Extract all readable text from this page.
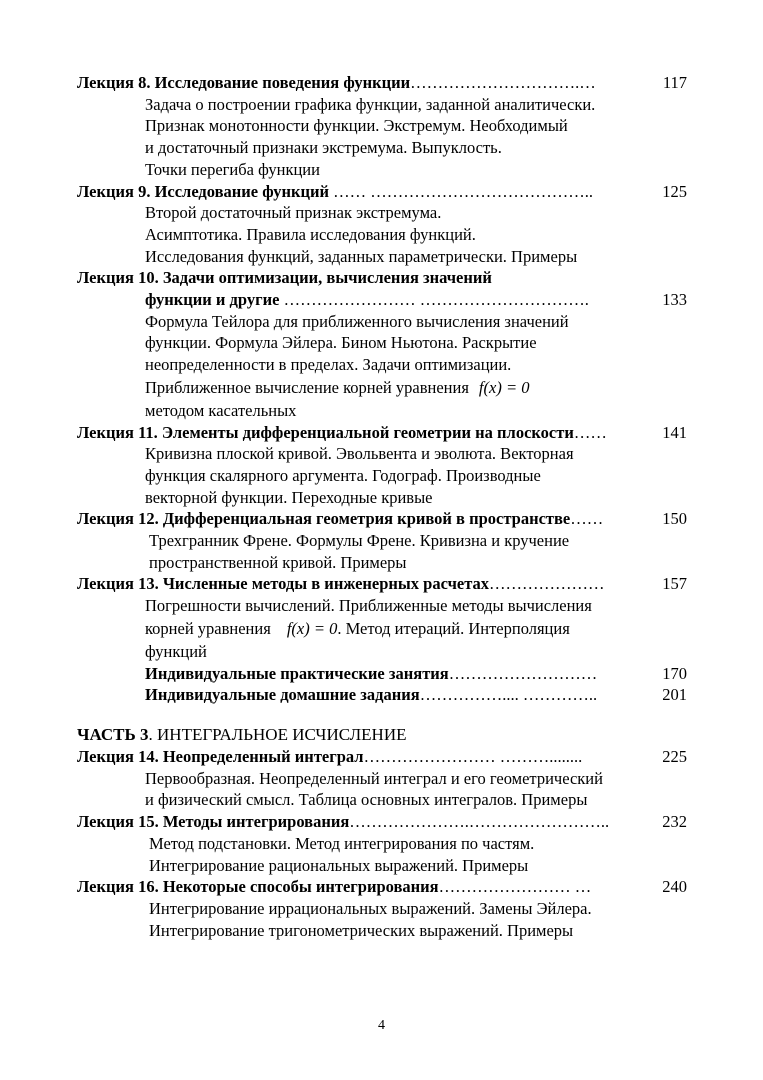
Лекция 8. Исследование поведения функции………………………….…	117
Задача о построении графика функции, заданной аналитически.
Признак монотонности функции. Экстремум. Необходимый
и достаточный признаки экстремума. Выпуклость.
Точки перегиба функции
Лекция 9. Исследование функций …… …………………………………..	125
Второй достаточный признак экстремума.
Асимптотика. Правила исследования функций.
Исследования функций, заданных параметрически. Примеры
Лекция 10. Задачи оптимизации, вычисления значений
функции и другие …………………… ………………………….	133
Формула Тейлора для приближенного вычисления значений
функции. Формула Эйлера. Бином Ньютона. Раскрытие
неопределенности в пределах. Задачи оптимизации.
Приближенное вычисление корней уравнения f(x) = 0
методом касательных
Лекция 11. Элементы дифференциальной геометрии на плоскости……	141
Кривизна плоской кривой. Эвольвента и эволюта. Векторная
функция скалярного аргумента. Годограф. Производные
векторной функции. Переходные кривые
Лекция 12. Дифференциальная геометрия кривой в пространстве……	150
Трехгранник Френе. Формулы Френе. Кривизна и кручение
пространственной кривой. Примеры
Лекция 13. Численные методы в инженерных расчетах…………………	157
Погрешности вычислений. Приближенные методы вычисления
корней уравнения f(x) = 0. Метод итераций. Интерполяция
функций
Индивидуальные практические занятия………………………	170
Индивидуальные домашние задания…………….... …………..	201
ЧАСТЬ 3. ИНТЕГРАЛЬНОЕ ИСЧИСЛЕНИЕ
Лекция 14. Неопределенный интеграл…………………… ………........	225
Первообразная. Неопределенный интеграл и его геометрический
и физический смысл. Таблица основных интегралов. Примеры
Лекция 15. Методы интегрирования………………….……………………..	232
Метод подстановки. Метод интегрирования по частям.
Интегрирование рациональных выражений. Примеры
Лекция 16. Некоторые способы интегрирования…………………… …	240
Интегрирование иррациональных выражений. Замены Эйлера.
Интегрирование тригонометрических выражений. Примеры
4
